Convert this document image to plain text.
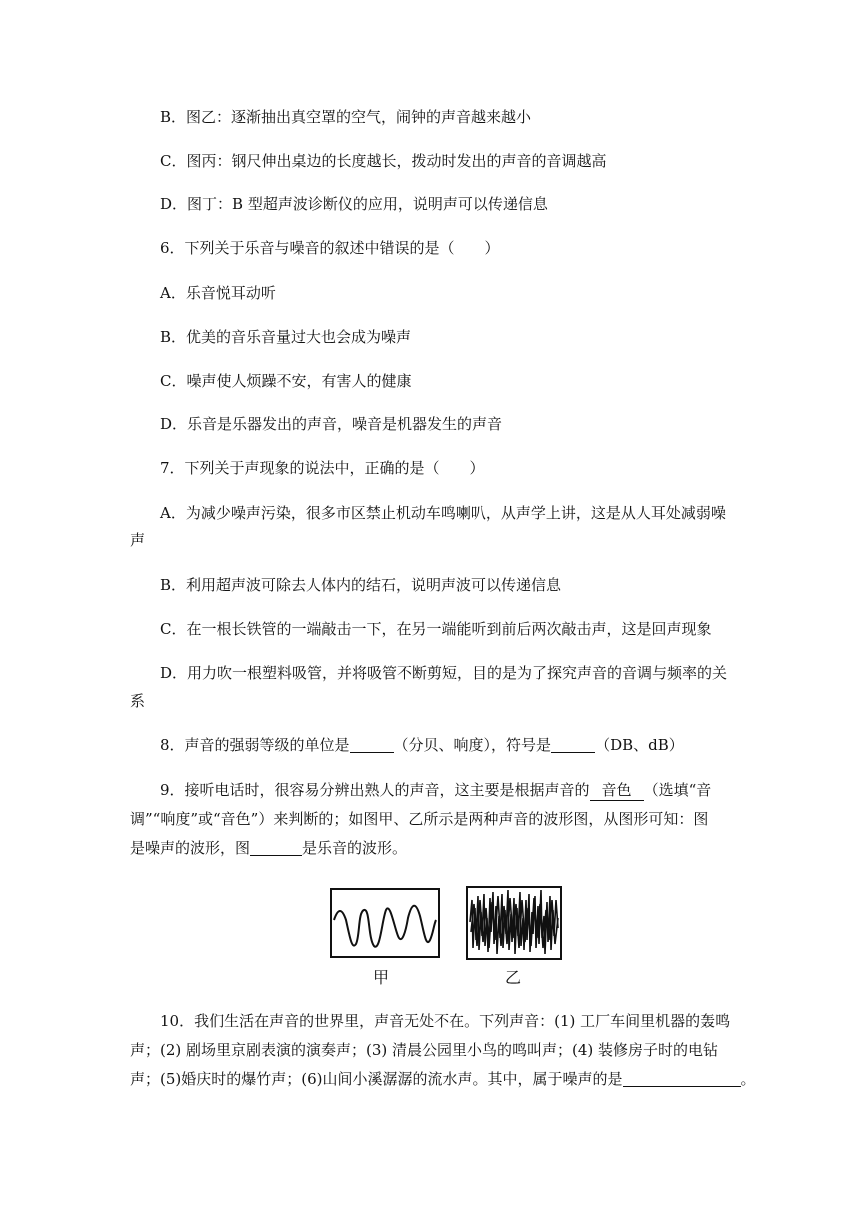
B．图乙：逐渐抽出真空罩的空气，闹钟的声音越来越小
C．图丙：钢尺伸出桌边的长度越长，拨动时发出的声音的音调越高
D．图丁：B 型超声波诊断仪的应用，说明声可以传递信息
6．下列关于乐音与噪音的叙述中错误的是（　　）
A．乐音悦耳动听
B．优美的音乐音量过大也会成为噪声
C．噪声使人烦躁不安，有害人的健康
D．乐音是乐器发出的声音，噪音是机器发生的声音
7．下列关于声现象的说法中，正确的是（　　）
A．为减少噪声污染，很多市区禁止机动车鸣喇叭，从声学上讲，这是从人耳处减弱噪
声
B．利用超声波可除去人体内的结石，说明声波可以传递信息
C．在一根长铁管的一端敲击一下，在另一端能听到前后两次敲击声，这是回声现象
D．用力吹一根塑料吸管，并将吸管不断剪短，目的是为了探究声音的音调与频率的关
系
8．声音的强弱等级的单位是	（分贝、响度），符号是	（DB、dB）
9．接听电话时，很容易分辨出熟人的声音，这主要是根据声音的 音色 （选填“音
调”“响度”或“音色”）来判断的；如图甲、乙所示是两种声音的波形图，从图形可知：图
是噪声的波形，图	是乐音的波形。
甲	乙
10．我们生活在声音的世界里，声音无处不在。下列声音：(1) 工厂车间里机器的轰鸣
声；(2) 剧场里京剧表演的演奏声；(3) 清晨公园里小鸟的鸣叫声；(4) 装修房子时的电钻
声；(5)婚庆时的爆竹声；(6)山间小溪潺潺的流水声。其中，属于噪声的是	。
